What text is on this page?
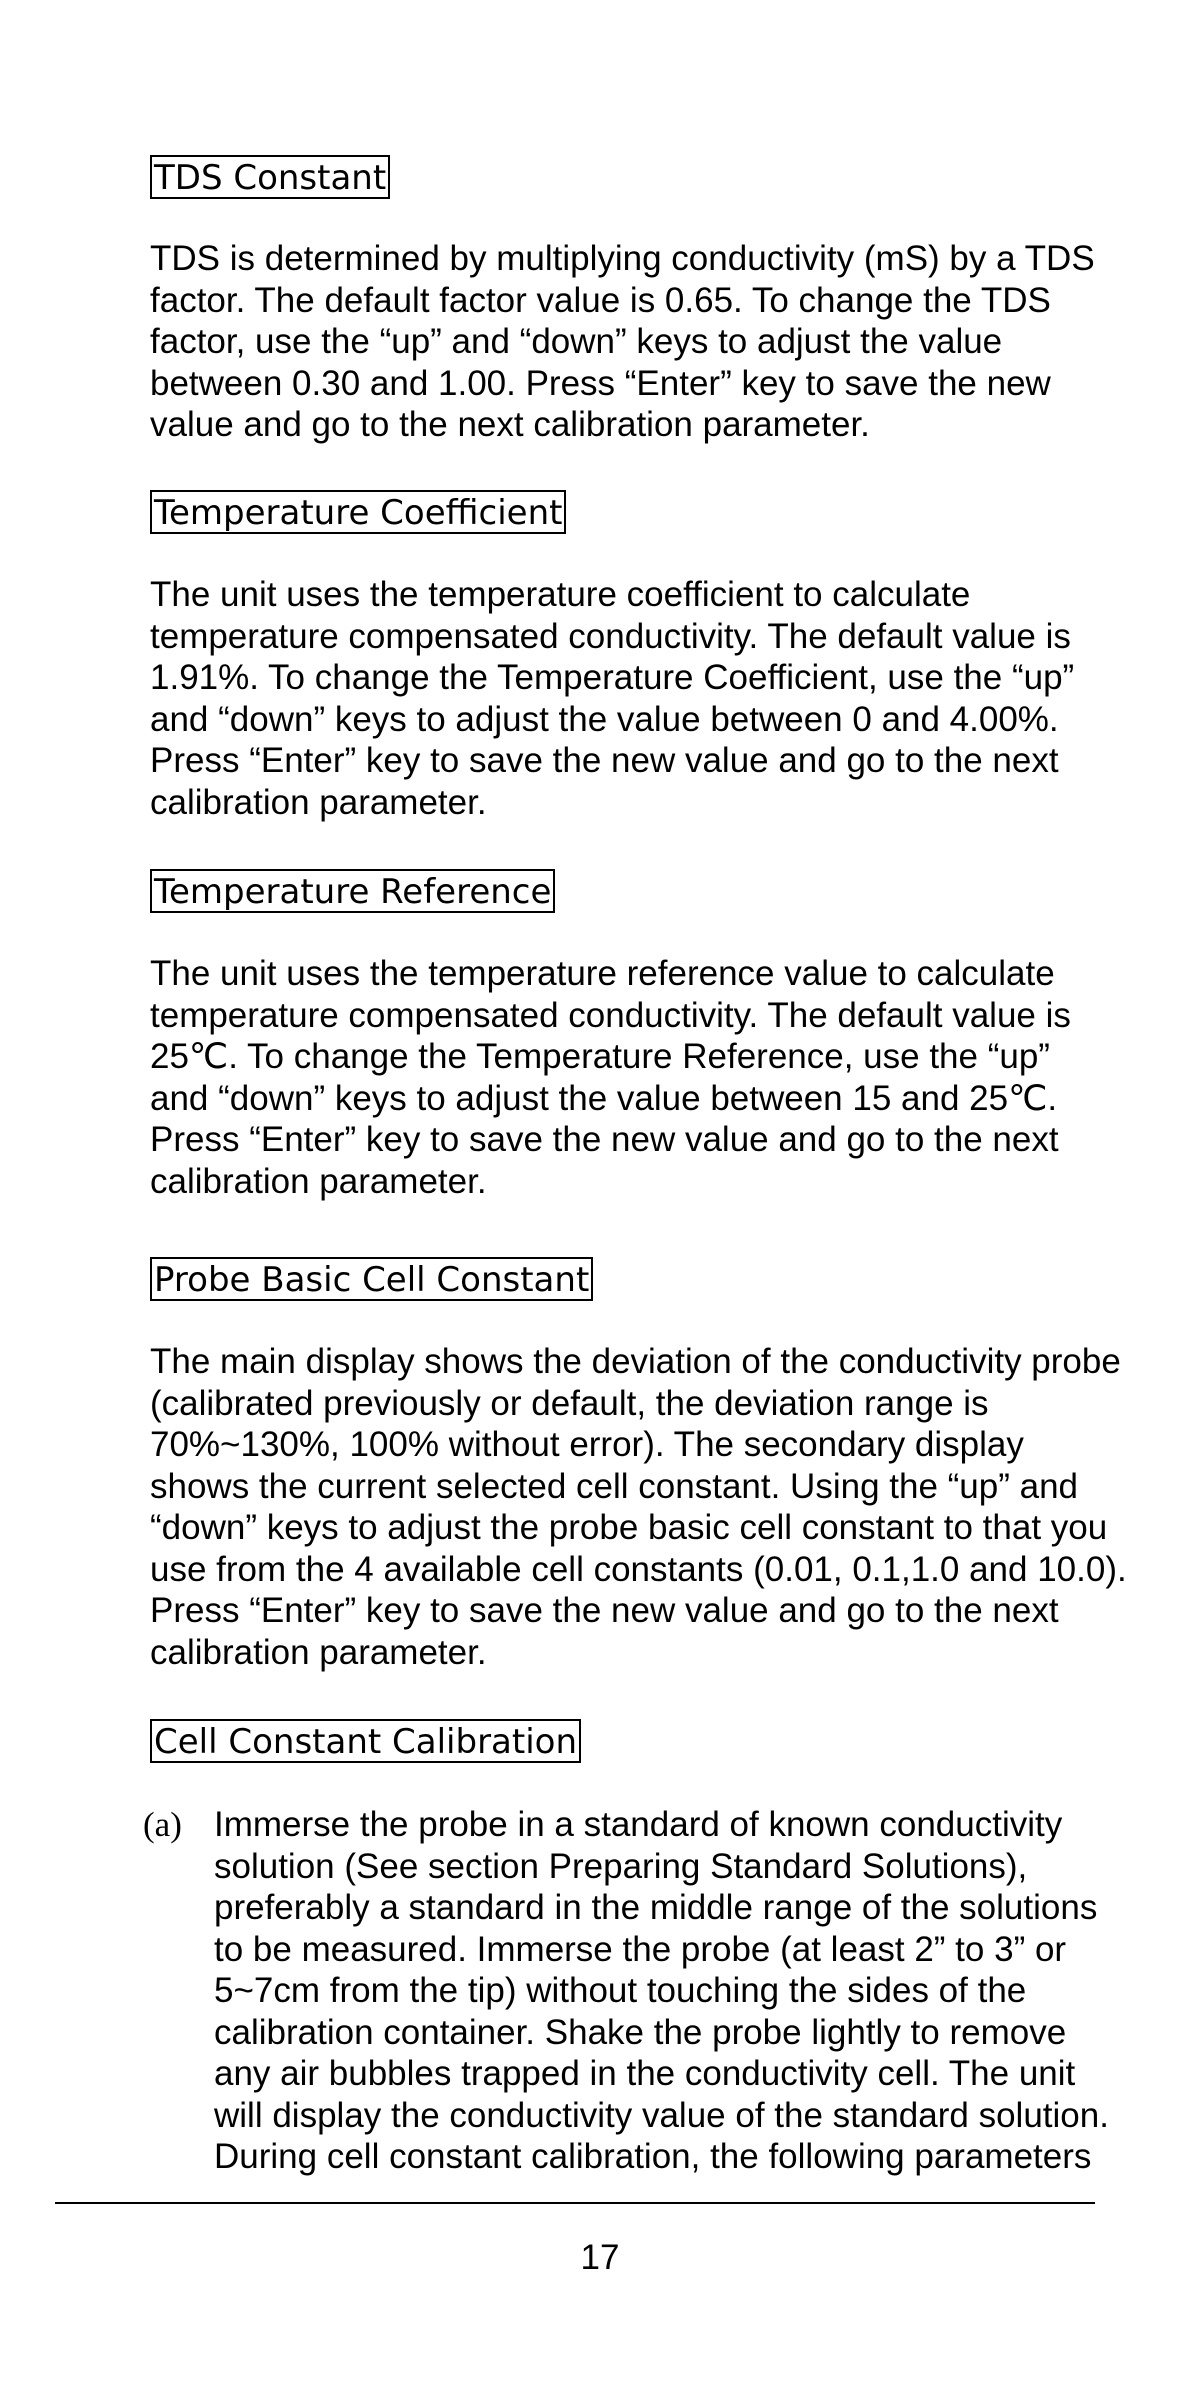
TDS Constant
TDS is determined by multiplying conductivity (mS) by a TDS
factor. The default factor value is 0.65. To change the TDS
factor, use the “up” and “down” keys to adjust the value
between 0.30 and 1.00. Press “Enter” key to save the new
value and go to the next calibration parameter.
Temperature Coefficient
The unit uses the temperature coefficient to calculate
temperature compensated conductivity. The default value is
1.91%. To change the Temperature Coefficient, use the “up”
and “down” keys to adjust the value between 0 and 4.00%.
Press “Enter” key to save the new value and go to the next
calibration parameter.
Temperature Reference
The unit uses the temperature reference value to calculate
temperature compensated conductivity. The default value is
25℃. To change the Temperature Reference, use the “up”
and “down” keys to adjust the value between 15 and 25℃.
Press “Enter” key to save the new value and go to the next
calibration parameter.
Probe Basic Cell Constant
The main display shows the deviation of the conductivity probe
(calibrated previously or default, the deviation range is
70%~130%, 100% without error). The secondary display
shows the current selected cell constant. Using the “up” and
“down” keys to adjust the probe basic cell constant to that you
use from the 4 available cell constants (0.01, 0.1,1.0 and 10.0).
Press “Enter” key to save the new value and go to the next
calibration parameter.
Cell Constant Calibration
(a) Immerse the probe in a standard of known conductivity
solution (See section Preparing Standard Solutions),
preferably a standard in the middle range of the solutions
to be measured. Immerse the probe (at least 2” to 3” or
5~7cm from the tip) without touching the sides of the
calibration container. Shake the probe lightly to remove
any air bubbles trapped in the conductivity cell. The unit
will display the conductivity value of the standard solution.
During cell constant calibration, the following parameters
17
